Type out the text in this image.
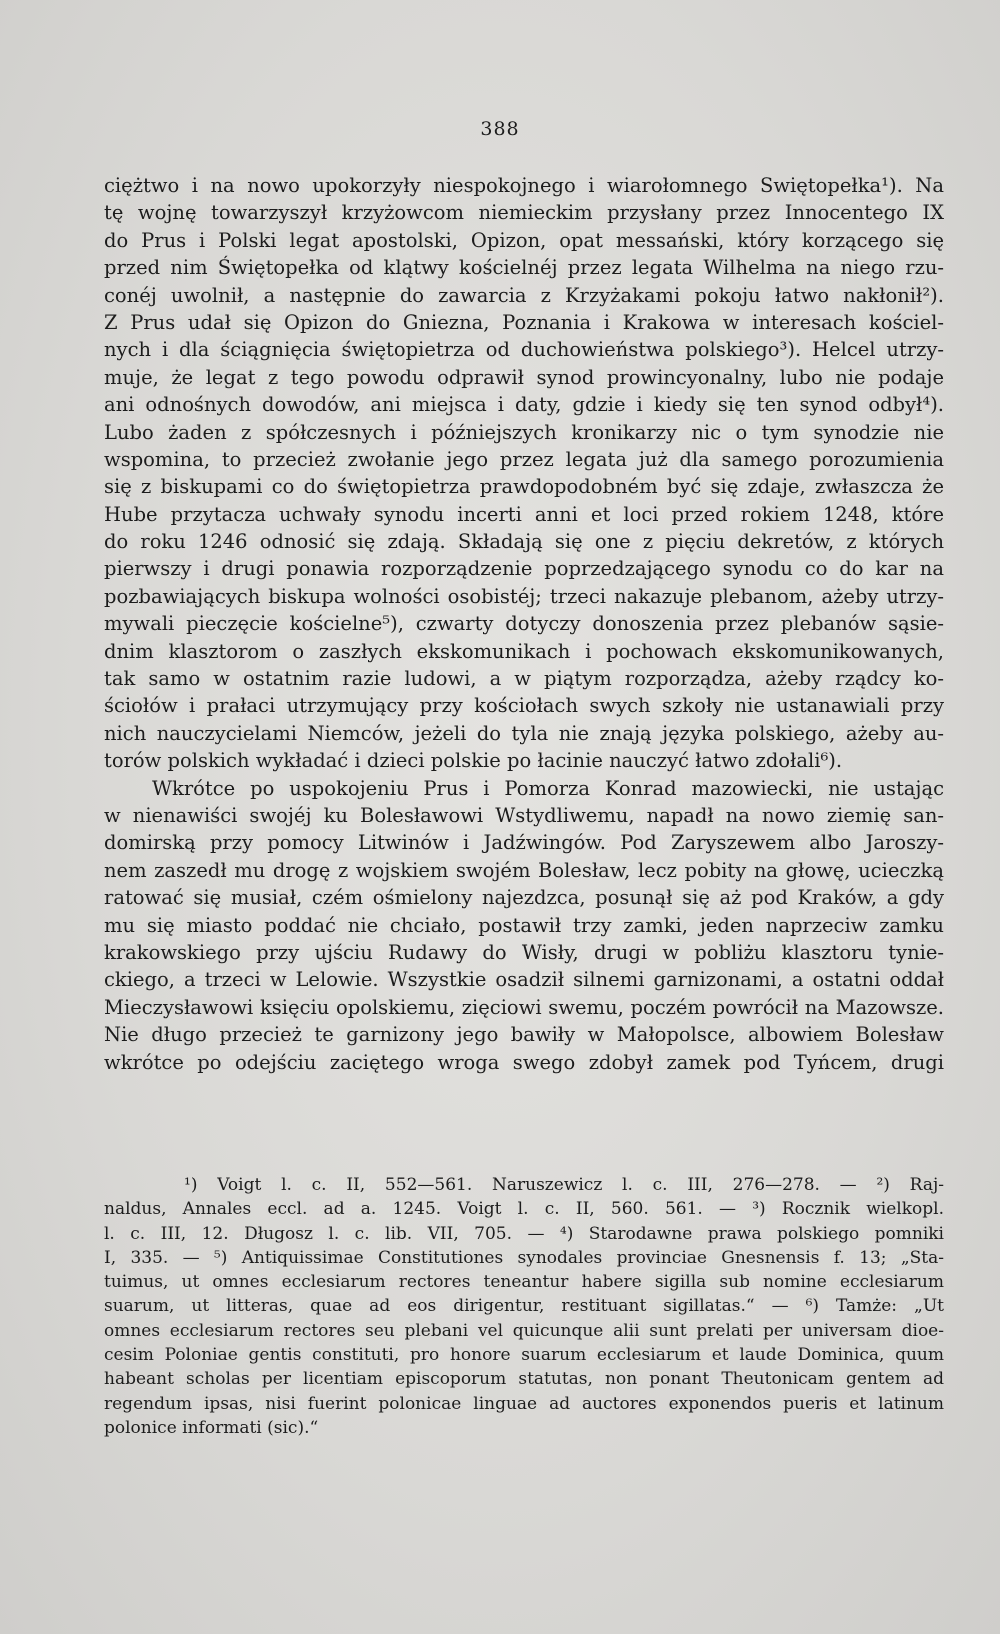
388
ciężtwo i na nowo upokorzyły niespokojnego i wiarołomnego Swiętopełka¹). Na
tę wojnę towarzyszył krzyżowcom niemieckim przysłany przez Innocentego IX
do Prus i Polski legat apostolski, Opizon, opat messański, który korzącego się
przed nim Świętopełka od klątwy kościelnéj przez legata Wilhelma na niego rzu-
conéj uwolnił, a następnie do zawarcia z Krzyżakami pokoju łatwo nakłonił²).
Z Prus udał się Opizon do Gniezna, Poznania i Krakowa w interesach kościel-
nych i dla ściągnięcia świętopietrza od duchowieństwa polskiego³). Helcel utrzy-
muje, że legat z tego powodu odprawił synod prowincyonalny, lubo nie podaje
ani odnośnych dowodów, ani miejsca i daty, gdzie i kiedy się ten synod odbył⁴).
Lubo żaden z spółczesnych i późniejszych kronikarzy nic o tym synodzie nie
wspomina, to przecież zwołanie jego przez legata już dla samego porozumienia
się z biskupami co do świętopietrza prawdopodobném być się zdaje, zwłaszcza że
Hube przytacza uchwały synodu incerti anni et loci przed rokiem 1248, które
do roku 1246 odnosić się zdają. Składają się one z pięciu dekretów, z których
pierwszy i drugi ponawia rozporządzenie poprzedzającego synodu co do kar na
pozbawiających biskupa wolności osobistéj; trzeci nakazuje plebanom, ażeby utrzy-
mywali pieczęcie kościelne⁵), czwarty dotyczy donoszenia przez plebanów sąsie-
dnim klasztorom o zaszłych ekskomunikach i pochowach ekskomunikowanych,
tak samo w ostatnim razie ludowi, a w piątym rozporządza, ażeby rządcy ko-
ściołów i prałaci utrzymujący przy kościołach swych szkoły nie ustanawiali przy
nich nauczycielami Niemców, jeżeli do tyla nie znają języka polskiego, ażeby au-
torów polskich wykładać i dzieci polskie po łacinie nauczyć łatwo zdołali⁶).
Wkrótce po uspokojeniu Prus i Pomorza Konrad mazowiecki, nie ustając
w nienawiści swojéj ku Bolesławowi Wstydliwemu, napadł na nowo ziemię san-
domirską przy pomocy Litwinów i Jadźwingów. Pod Zaryszewem albo Jaroszy-
nem zaszedł mu drogę z wojskiem swojém Bolesław, lecz pobity na głowę, ucieczką
ratować się musiał, czém ośmielony najezdzca, posunął się aż pod Kraków, a gdy
mu się miasto poddać nie chciało, postawił trzy zamki, jeden naprzeciw zamku
krakowskiego przy ujściu Rudawy do Wisły, drugi w pobliżu klasztoru tynie-
ckiego, a trzeci w Lelowie. Wszystkie osadził silnemi garnizonami, a ostatni oddał
Mieczysławowi księciu opolskiemu, zięciowi swemu, poczém powrócił na Mazowsze.
Nie długo przecież te garnizony jego bawiły w Małopolsce, albowiem Bolesław
wkrótce po odejściu zaciętego wroga swego zdobył zamek pod Tyńcem, drugi
¹) Voigt l. c. II, 552—561. Naruszewicz l. c. III, 276—278. — ²) Raj-
naldus, Annales eccl. ad a. 1245. Voigt l. c. II, 560. 561. — ³) Rocznik wielkopl.
l. c. III, 12. Długosz l. c. lib. VII, 705. — ⁴) Starodawne prawa polskiego pomniki
I, 335. — ⁵) Antiquissimae Constitutiones synodales provinciae Gnesnensis f. 13; „Sta-
tuimus, ut omnes ecclesiarum rectores teneantur habere sigilla sub nomine ecclesiarum
suarum, ut litteras, quae ad eos dirigentur, restituant sigillatas.“ — ⁶) Tamże: „Ut
omnes ecclesiarum rectores seu plebani vel quicunque alii sunt prelati per universam dioe-
cesim Poloniae gentis constituti, pro honore suarum ecclesiarum et laude Dominica, quum
habeant scholas per licentiam episcoporum statutas, non ponant Theutonicam gentem ad
regendum ipsas, nisi fuerint polonicae linguae ad auctores exponendos pueris et latinum
polonice informati (sic).“
